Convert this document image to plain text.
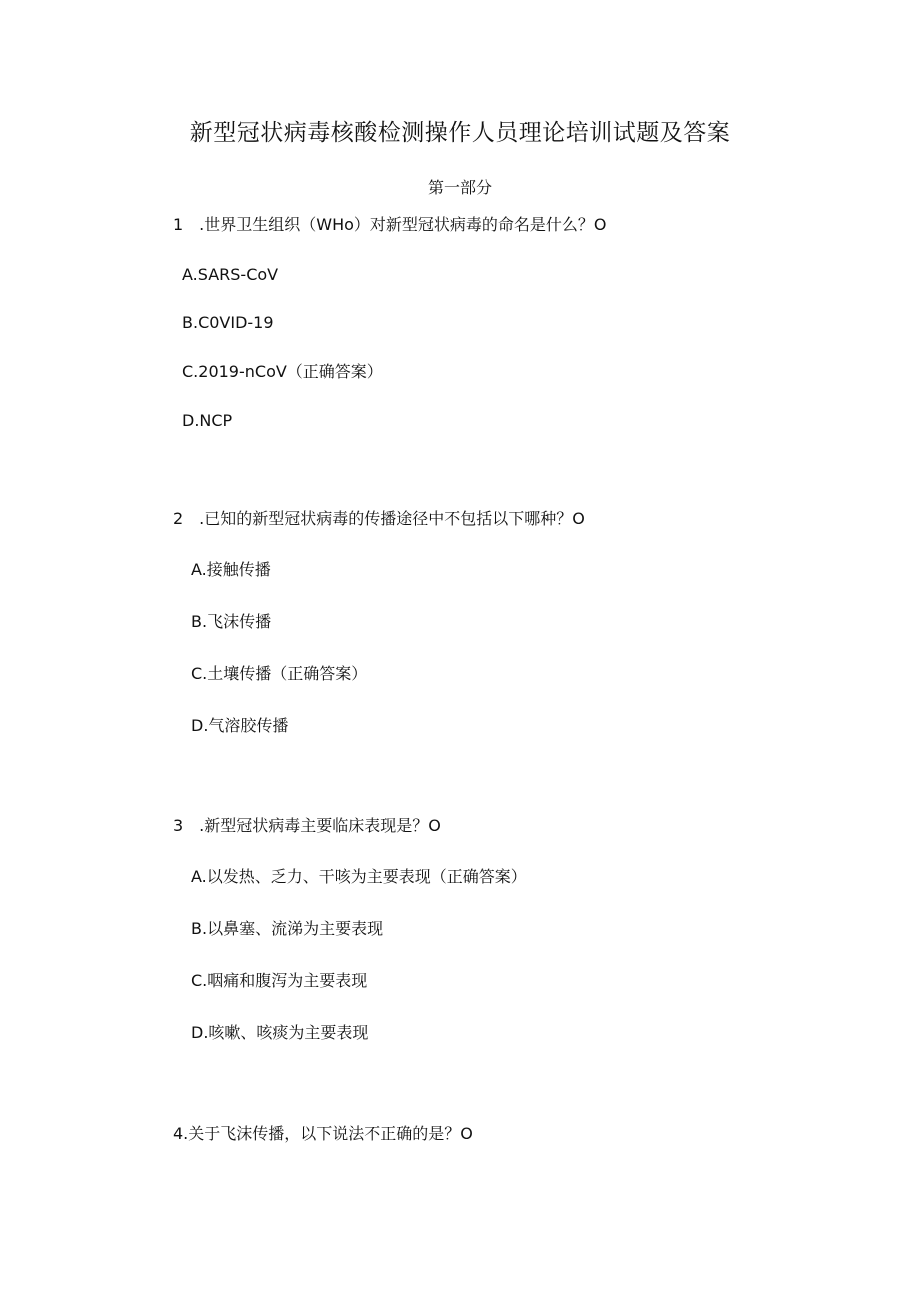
新型冠状病毒核酸检测操作人员理论培训试题及答案
第一部分
1　.世界卫生组织（WHo）对新型冠状病毒的命名是什么？O
A.SARS-CoV
B.C0VID-19
C.2019-nCoV（正确答案）
D.NCP
2　.已知的新型冠状病毒的传播途径中不包括以下哪种？O
A.接触传播
B.飞沫传播
C.土壤传播（正确答案）
D.气溶胶传播
3　.新型冠状病毒主要临床表现是？O
A.以发热、乏力、干咳为主要表现（正确答案）
B.以鼻塞、流涕为主要表现
C.咽痛和腹泻为主要表现
D.咳嗽、咳痰为主要表现
4.关于飞沫传播，以下说法不正确的是？O
